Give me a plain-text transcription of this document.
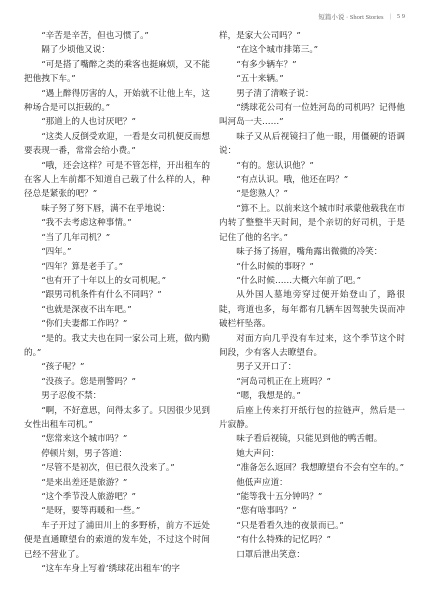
短篇小说 · Short Stories | 5 9

“辛苦是辛苦，但也习惯了。”

隔了少顷他又说：

“可是搭了嘴醉之类的乘客也挺麻烦，又不能把他拽下车。”

“遇上醉得厉害的人，开始就不让他上车，这种场合是可以拒载的。”

“那道上的人也讨厌吧？”

“这类人反倒受欢迎，一看是女司机便反而想要表现一番，常常会给小费。”

“哦，还会这样？可是不管怎样，开出租车的在客人上车前都不知道自己载了什么样的人，种径总是紧张的吧？”

味子努了努下唇，满不在乎地说：

“我不去考虑这种事情。”

“当了几年司机？”

“四年。”

“四年？算是老手了。”

“也有开了十年以上的女司机呢。”

“跟男司机条件有什么不同吗？”

“也就是深夜不出车吧。”

“你们夫妻都工作吗？”

“是的。我丈夫也在同一家公司上班，做内勤的。”

“孩子呢？”

“没孩子。您是刑警吗？”

男子忍俊不禁：

“啊，不好意思，问得太多了。只因很少见到女性出租车司机。”

“您常来这个城市吗？”

停顿片刻，男子答道：

“尽管不是初次，但已很久没来了。”

“是来出差还是旅游？”

“这个季节没人旅游吧？”

“是呀，要等再暖和一些。”

车子开过了浦田川上的多野桥，前方不远处便是直通瞭望台的索道的发车处，不过这个时间已经不营业了。

“这车车身上写着‘绣球花出租车’的字

样，是家大公司吗？”

“在这个城市排第三。”

“有多少辆车？”

“五十来辆。”

男子清了清喉子说：

“绣球花公司有一位姓河岛的司机吗？记得他叫河岛一夫……”

味子又从后视镜扫了他一眼，用僵硬的语调说：

“有的。您认识他？”

“有点认识。哦，他还在吗？”

“是您熟人？”

“算不上。以前来这个城市时承蒙他载我在市内转了整整半天时间，是个亲切的好司机，于是记住了他的名字。”

味子扬了扬眉，嘴角露出微微的冷笑：

“什么时候的事呀？”

“什么时候……大概六年前了吧。”

从外国人墓地旁穿过便开始登山了，路很陡，弯道也多，每年都有几辆车因驾驶失误而冲破栏杆坠落。

对面方向几乎没有车过来，这个季节这个时间段，少有客人去瞭望台。

男子又开口了：

“河岛司机正在上班吗？”

“嗯，我想是的。”

后座上传来打开纸行包的拉链声，然后是一片寂静。

味子看后视镜，只能见到他的鸭舌帽。

她大声问：

“准备怎么返回？我想瞭望台不会有空车的。”

他低声应道：

“能等我十五分钟吗？”

“您有啥事吗？”

“只是看看久违的夜景而已。”

“有什么特殊的记忆吗？”

口罩后泄出笑意：
